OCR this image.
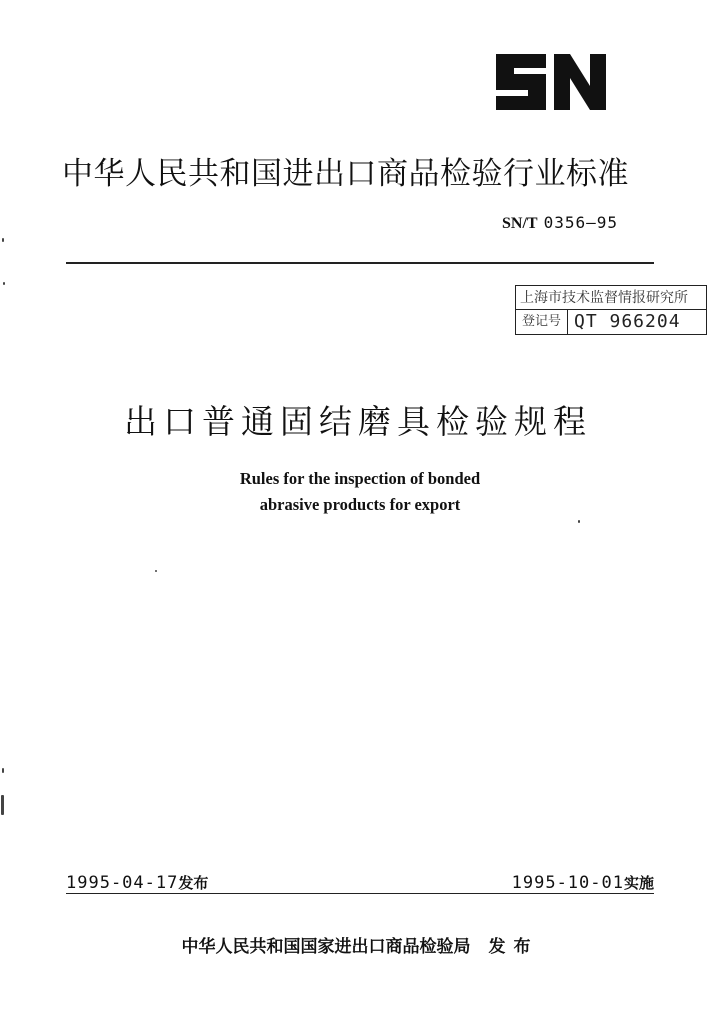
中华人民共和国进出口商品检验行业标准
SN/T 0356—95
上海市技术监督情报研究所
登记号 QT 966204
出口普通固结磨具检验规程
Rules for the inspection of bonded
abrasive products for export
1995-04-17发布	1995-10-01实施
中华人民共和国国家进出口商品检验局 发布
